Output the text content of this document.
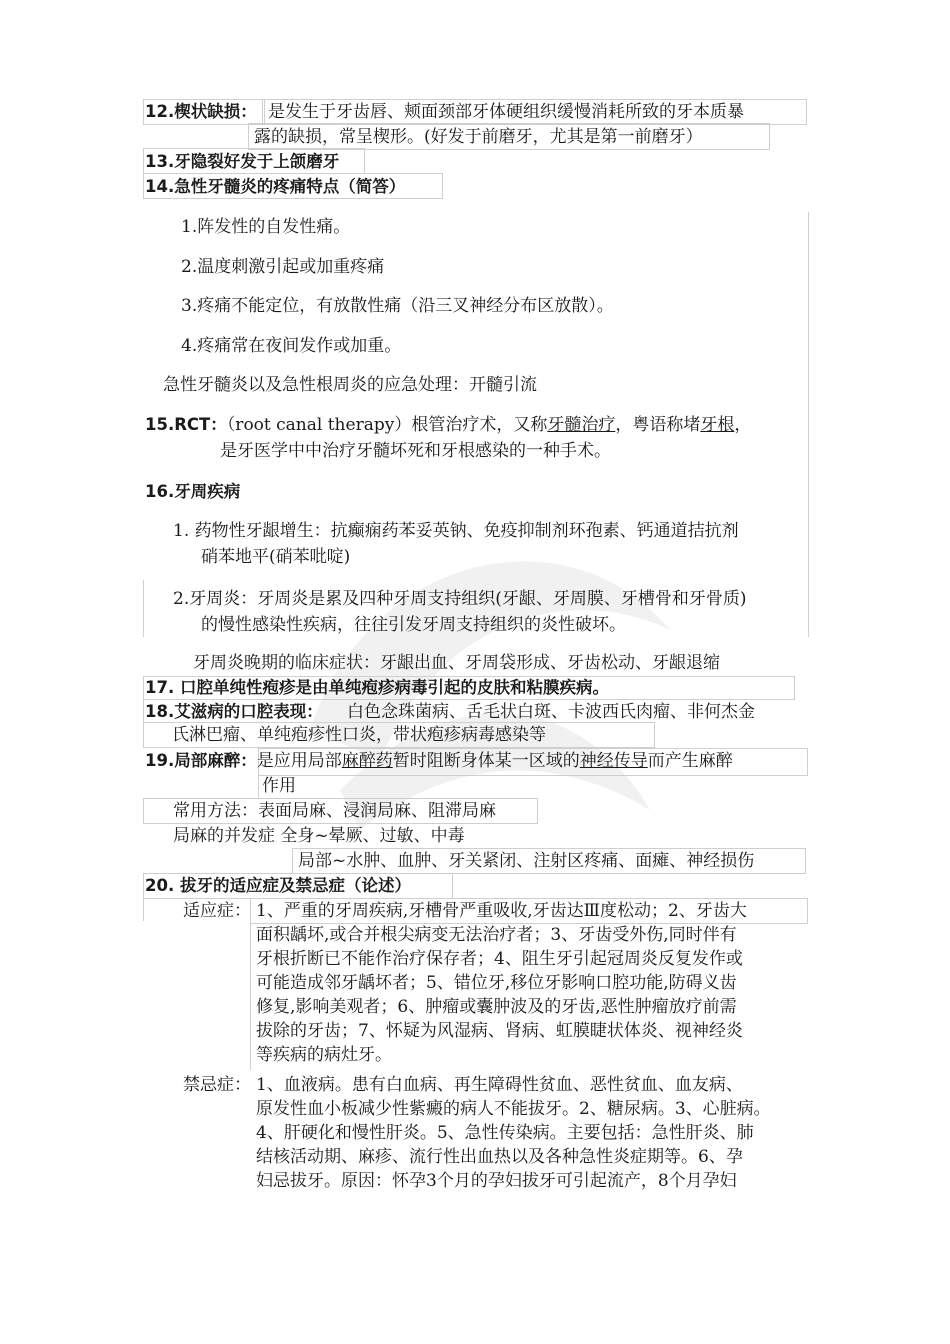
12.楔状缺损： 是发生于牙齿唇、颊面颈部牙体硬组织缓慢消耗所致的牙本质暴
露的缺损，常呈楔形。(好发于前磨牙，尤其是第一前磨牙）
13.牙隐裂好发于上颌磨牙
14.急性牙髓炎的疼痛特点（简答）
1.阵发性的自发性痛。
2.温度刺激引起或加重疼痛
3.疼痛不能定位，有放散性痛（沿三叉神经分布区放散）。
4.疼痛常在夜间发作或加重。
急性牙髓炎以及急性根周炎的应急处理：开髓引流
15.RCT：（root canal therapy）根管治疗术，又称牙髓治疗，粤语称堵牙根，
是牙医学中中治疗牙髓坏死和牙根感染的一种手术。
16.牙周疾病
1. 药物性牙龈增生：抗癫痫药苯妥英钠、免疫抑制剂环孢素、钙通道拮抗剂
硝苯地平(硝苯吡啶)
2.牙周炎：牙周炎是累及四种牙周支持组织(牙龈、牙周膜、牙槽骨和牙骨质)
的慢性感染性疾病，往往引发牙周支持组织的炎性破坏。
牙周炎晚期的临床症状：牙龈出血、牙周袋形成、牙齿松动、牙龈退缩
17. 口腔单纯性疱疹是由单纯疱疹病毒引起的皮肤和粘膜疾病。
18.艾滋病的口腔表现： 白色念珠菌病、舌毛状白斑、卡波西氏肉瘤、非何杰金
氏淋巴瘤、单纯疱疹性口炎，带状疱疹病毒感染等
19.局部麻醉：是应用局部麻醉药暂时阻断身体某一区域的神经传导而产生麻醉
作用
常用方法：表面局麻、浸润局麻、阻滞局麻
局麻的并发症 全身~晕厥、过敏、中毒
局部~水肿、血肿、牙关紧闭、注射区疼痛、面瘫、神经损伤
20. 拔牙的适应症及禁忌症（论述）
适应症： 1、严重的牙周疾病,牙槽骨严重吸收,牙齿达Ⅲ度松动；2、牙齿大
面积龋坏,或合并根尖病变无法治疗者；3、牙齿受外伤,同时伴有
牙根折断已不能作治疗保存者；4、阻生牙引起冠周炎反复发作或
可能造成邻牙龋坏者；5、错位牙,移位牙影响口腔功能,防碍义齿
修复,影响美观者；6、肿瘤或囊肿波及的牙齿,恶性肿瘤放疗前需
拔除的牙齿；7、怀疑为风湿病、肾病、虹膜睫状体炎、视神经炎
等疾病的病灶牙。
禁忌症： 1、血液病。患有白血病、再生障碍性贫血、恶性贫血、血友病、
原发性血小板减少性紫癜的病人不能拔牙。2、糖尿病。3、心脏病。
4、肝硬化和慢性肝炎。5、急性传染病。主要包括：急性肝炎、肺
结核活动期、麻疹、流行性出血热以及各种急性炎症期等。6、孕
妇忌拔牙。原因：怀孕3个月的孕妇拔牙可引起流产，8个月孕妇
